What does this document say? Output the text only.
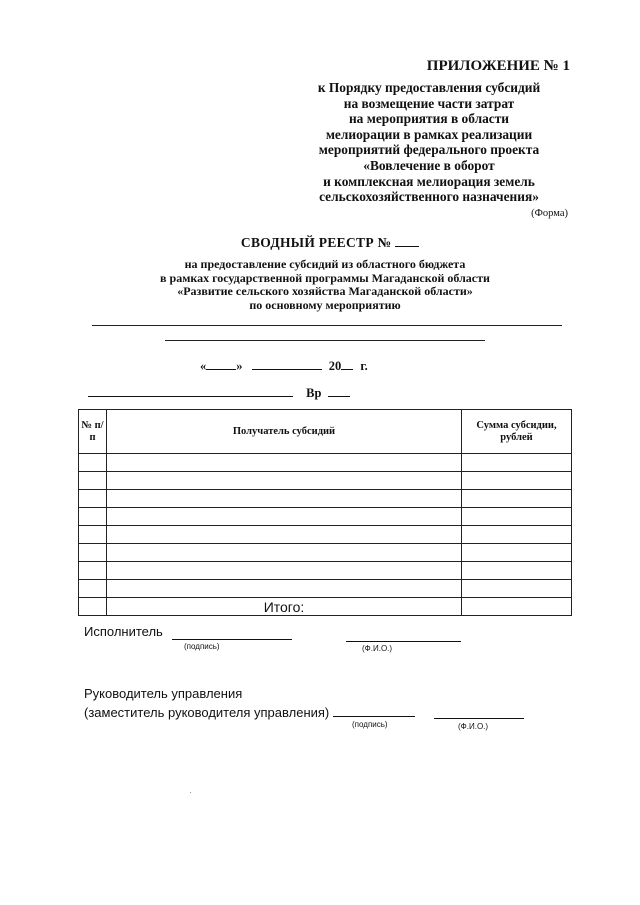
ПРИЛОЖЕНИЕ № 1
к Порядку предоставления субсидий
на возмещение части затрат
на мероприятия в области
мелиорации в рамках реализации
мероприятий федерального проекта
«Вовлечение в оборот
и комплексная мелиорация земель
сельскохозяйственного назначения»
(Форма)
СВОДНЫЙ РЕЕСТР №
на предоставление субсидий из областного бюджета
в рамках государственной программы Магаданской области
«Развитие сельского хозяйства Магаданской области»
по основному мероприятию
« »	20 г.
Вр
№ п/п	Получатель субсидий	Сумма субсидии, рублей

	Итого:	
Исполнитель
(подпись)	(Ф.И.О.)
Руководитель управления
(заместитель руководителя управления)
(подпись)	(Ф.И.О.)
